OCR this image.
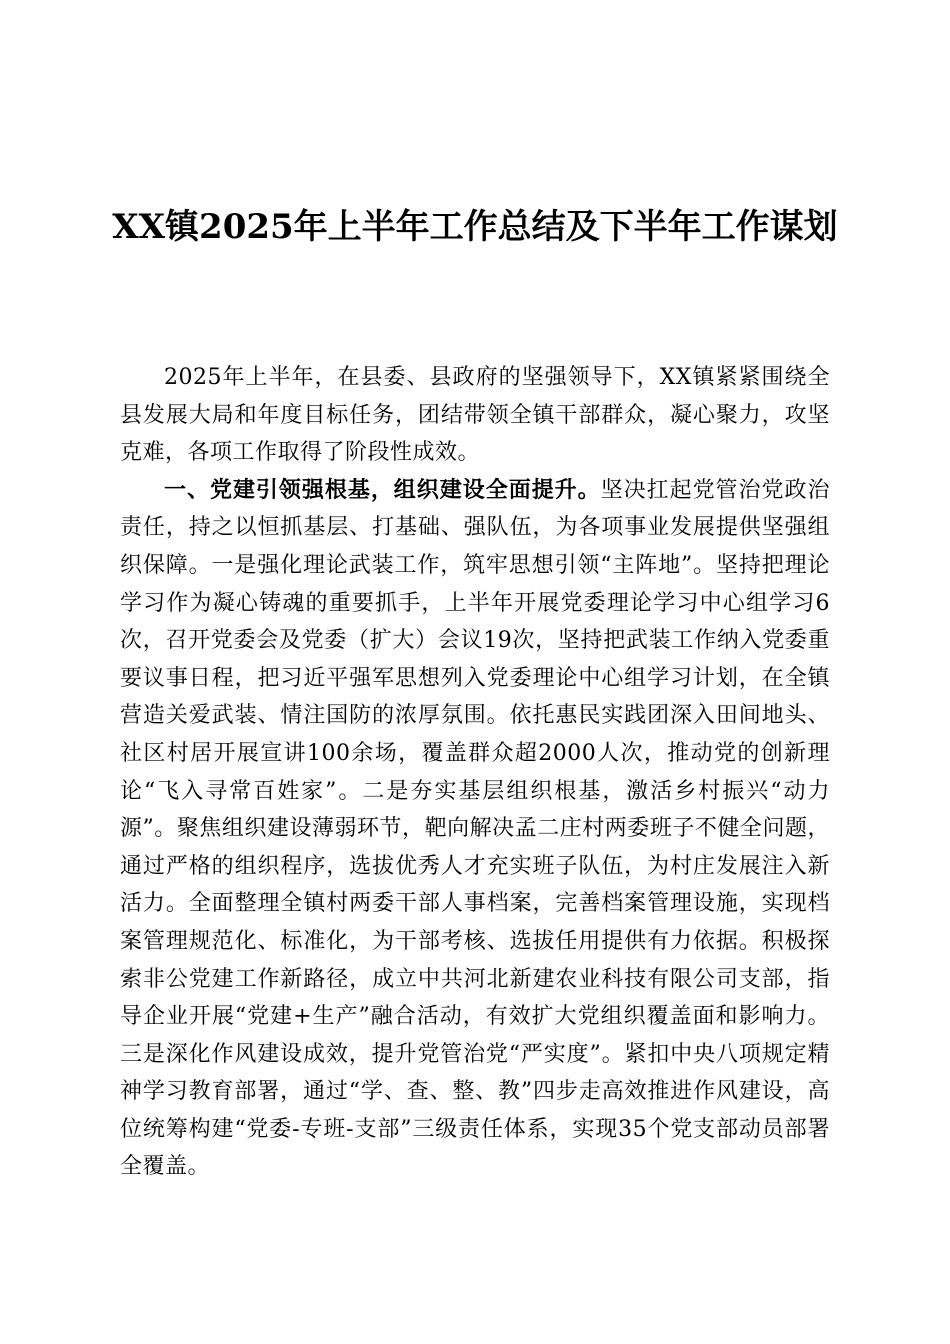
XX镇2025年上半年工作总结及下半年工作谋划

2025年上半年，在县委、县政府的坚强领导下，XX镇紧紧围绕全县发展大局和年度目标任务，团结带领全镇干部群众，凝心聚力，攻坚克难，各项工作取得了阶段性成效。

一、党建引领强根基，组织建设全面提升。坚决扛起党管治党政治责任，持之以恒抓基层、打基础、强队伍，为各项事业发展提供坚强组织保障。一是强化理论武装工作，筑牢思想引领“主阵地”。坚持把理论学习作为凝心铸魂的重要抓手，上半年开展党委理论学习中心组学习6次，召开党委会及党委（扩大）会议19次，坚持把武装工作纳入党委重要议事日程，把习近平强军思想列入党委理论中心组学习计划，在全镇营造关爱武装、情注国防的浓厚氛围。依托惠民实践团深入田间地头、社区村居开展宣讲100余场，覆盖群众超2000人次，推动党的创新理论“飞入寻常百姓家”。二是夯实基层组织根基，激活乡村振兴“动力源”。聚焦组织建设薄弱环节，靶向解决孟二庄村两委班子不健全问题，通过严格的组织程序，选拔优秀人才充实班子队伍，为村庄发展注入新活力。全面整理全镇村两委干部人事档案，完善档案管理设施，实现档案管理规范化、标准化，为干部考核、选拔任用提供有力依据。积极探索非公党建工作新路径，成立中共河北新建农业科技有限公司支部，指导企业开展“党建+生产”融合活动，有效扩大党组织覆盖面和影响力。三是深化作风建设成效，提升党管治党“严实度”。紧扣中央八项规定精神学习教育部署，通过“学、查、整、教”四步走高效推进作风建设，高位统筹构建“党委-专班-支部”三级责任体系，实现35个党支部动员部署全覆盖。
